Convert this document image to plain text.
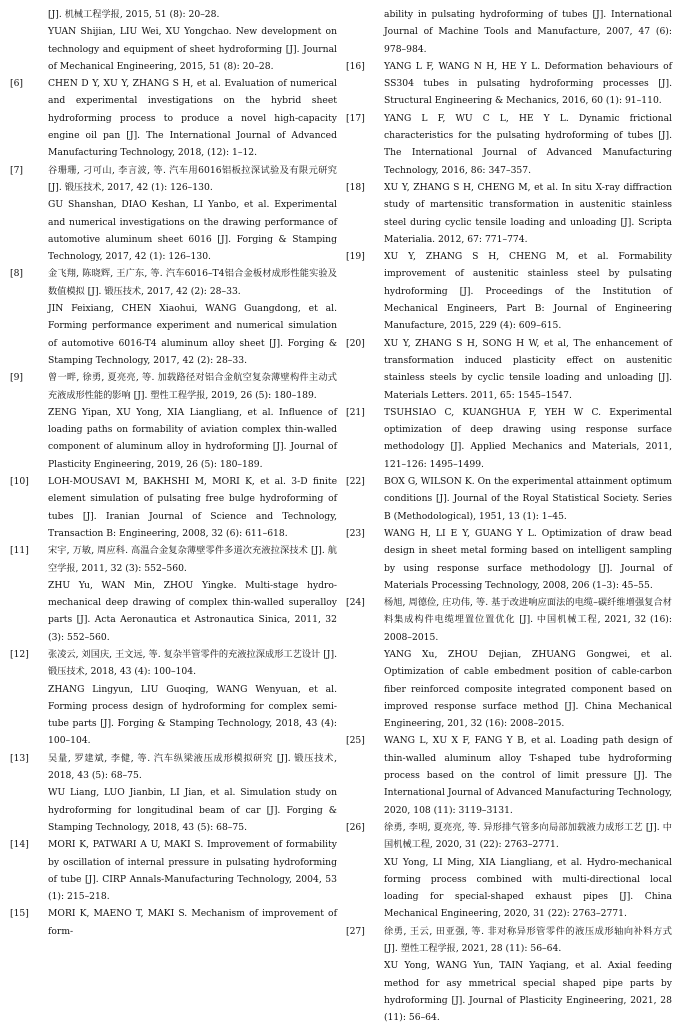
[J]. 机械工程学报, 2015, 51 (8): 20–28.

YUAN Shijian, LIU Wei, XU Yongchao. New development on technology and equipment of sheet hydroforming [J]. Journal of Mechanical Engineering, 2015, 51 (8): 20–28.

[6]	CHEN D Y, XU Y, ZHANG S H, et al. Evaluation of numerical and experimental investigations on the hybrid sheet hydroforming process to produce a novel high-capacity engine oil pan [J]. The International Journal of Advanced Manufacturing Technology, 2018, (12): 1–12.

[7]	谷珊珊, 刁可山, 李言波, 等. 汽车用6016铝板拉深试验及有限元研究 [J]. 锻压技术, 2017, 42 (1): 126–130.

GU Shanshan, DIAO Keshan, LI Yanbo, et al. Experimental and numerical investigations on the drawing performance of automotive aluminum sheet 6016 [J]. Forging & Stamping Technology, 2017, 42 (1): 126–130.

[8]	金飞翔, 陈晓辉, 王广东, 等. 汽车6016–T4铝合金板材成形性能实验及数值模拟 [J]. 锻压技术, 2017, 42 (2): 28–33.

JIN Feixiang, CHEN Xiaohui, WANG Guangdong, et al. Forming performance experiment and numerical simulation of automotive 6016-T4 aluminum alloy sheet [J]. Forging & Stamping Technology, 2017, 42 (2): 28–33.

[9]	曾一畔, 徐勇, 夏亮亮, 等. 加载路径对铝合金航空复杂薄壁构件主动式充液成形性能的影响 [J]. 塑性工程学报, 2019, 26 (5): 180–189.

ZENG Yipan, XU Yong, XIA Liangliang, et al. Influence of loading paths on formability of aviation complex thin-walled component of aluminum alloy in hydroforming [J]. Journal of Plasticity Engineering, 2019, 26 (5): 180–189.

[10]	LOH-MOUSAVI M, BAKHSHI M, MORI K, et al. 3-D finite element simulation of pulsating free bulge hydroforming of tubes [J]. Iranian Journal of Science and Technology, Transaction B: Engineering, 2008, 32 (6): 611–618.

[11]	宋宇, 万敏, 周应科. 高温合金复杂薄壁零件多道次充液拉深技术 [J]. 航空学报, 2011, 32 (3): 552–560.

ZHU Yu, WAN Min, ZHOU Yingke. Multi-stage hydro-mechanical deep drawing of complex thin-walled superalloy parts [J]. Acta Aeronautica et Astronautica Sinica, 2011, 32 (3): 552–560.

[12]	张凌云, 刘国庆, 王文远, 等. 复杂半管零件的充液拉深成形工艺设计 [J]. 锻压技术, 2018, 43 (4): 100–104.

ZHANG Lingyun, LIU Guoqing, WANG Wenyuan, et al. Forming process design of hydroforming for complex semi-tube parts [J]. Forging & Stamping Technology, 2018, 43 (4): 100–104.

[13]	吴量, 罗建斌, 李健, 等. 汽车纵梁液压成形模拟研究 [J]. 锻压技术, 2018, 43 (5): 68–75.

WU Liang, LUO Jianbin, LI Jian, et al. Simulation study on hydroforming for longitudinal beam of car [J]. Forging & Stamping Technology, 2018, 43 (5): 68–75.

[14]	MORI K, PATWARI A U, MAKI S. Improvement of formability by oscillation of internal pressure in pulsating hydroforming of tube [J]. CIRP Annals-Manufacturing Technology, 2004, 53 (1): 215–218.

[15]	MORI K, MAENO T, MAKI S. Mechanism of improvement of form-

ability in pulsating hydroforming of tubes [J]. International Journal of Machine Tools and Manufacture, 2007, 47 (6): 978–984.

[16]	YANG L F, WANG N H, HE Y L. Deformation behaviours of SS304 tubes in pulsating hydroforming processes [J]. Structural Engineering & Mechanics, 2016, 60 (1): 91–110.

[17]	YANG L F, WU C L, HE Y L. Dynamic frictional characteristics for the pulsating hydroforming of tubes [J]. The International Journal of Advanced Manufacturing Technology, 2016, 86: 347–357.

[18]	XU Y, ZHANG S H, CHENG M, et al. In situ X-ray diffraction study of martensitic transformation in austenitic stainless steel during cyclic tensile loading and unloading [J]. Scripta Materialia. 2012, 67: 771–774.

[19]	XU Y, ZHANG S H, CHENG M, et al. Formability improvement of austenitic stainless steel by pulsating hydroforming [J]. Proceedings of the Institution of Mechanical Engineers, Part B: Journal of Engineering Manufacture, 2015, 229 (4): 609–615.

[20]	XU Y, ZHANG S H, SONG H W, et al, The enhancement of transformation induced plasticity effect on austenitic stainless steels by cyclic tensile loading and unloading [J]. Materials Letters. 2011, 65: 1545–1547.

[21]	TSUHSIAO C, KUANGHUA F, YEH W C. Experimental optimization of deep drawing using response surface methodology [J]. Applied Mechanics and Materials, 2011, 121–126: 1495–1499.

[22]	BOX G, WILSON K. On the experimental attainment optimum conditions [J]. Journal of the Royal Statistical Society. Series B (Methodological), 1951, 13 (1): 1–45.

[23]	WANG H, LI E Y, GUANG Y L. Optimization of draw bead design in sheet metal forming based on intelligent sampling by using response surface methodology [J]. Journal of Materials Processing Technology, 2008, 206 (1–3): 45–55.

[24]	杨旭, 周德俭, 庄功伟, 等. 基于改进响应面法的电缆–碳纤维增强复合材料集成构件电缆埋置位置优化 [J]. 中国机械工程, 2021, 32 (16): 2008–2015.

YANG Xu, ZHOU Dejian, ZHUANG Gongwei, et al. Optimization of cable embedment position of cable-carbon fiber reinforced composite integrated component based on improved response surface method [J]. China Mechanical Engineering, 201, 32 (16): 2008–2015.

[25]	WANG L, XU X F, FANG Y B, et al. Loading path design of thin-walled aluminum alloy T-shaped tube hydroforming process based on the control of limit pressure [J]. The International Journal of Advanced Manufacturing Technology, 2020, 108 (11): 3119–3131.

[26]	徐勇, 李明, 夏亮亮, 等. 异形排气管多向局部加载液力成形工艺 [J]. 中国机械工程, 2020, 31 (22): 2763–2771.

XU Yong, LI Ming, XIA Liangliang, et al. Hydro-mechanical forming process combined with multi-directional local loading for special-shaped exhaust pipes [J]. China Mechanical Engineering, 2020, 31 (22): 2763–2771.

[27]	徐勇, 王云, 田亚强, 等. 非对称异形管零件的液压成形轴向补料方式 [J]. 塑性工程学报, 2021, 28 (11): 56–64.

XU Yong, WANG Yun, TAIN Yaqiang, et al. Axial feeding method for asy mmetrical special shaped pipe parts by hydroforming [J]. Journal of Plasticity Engineering, 2021, 28 (11): 56–64.
